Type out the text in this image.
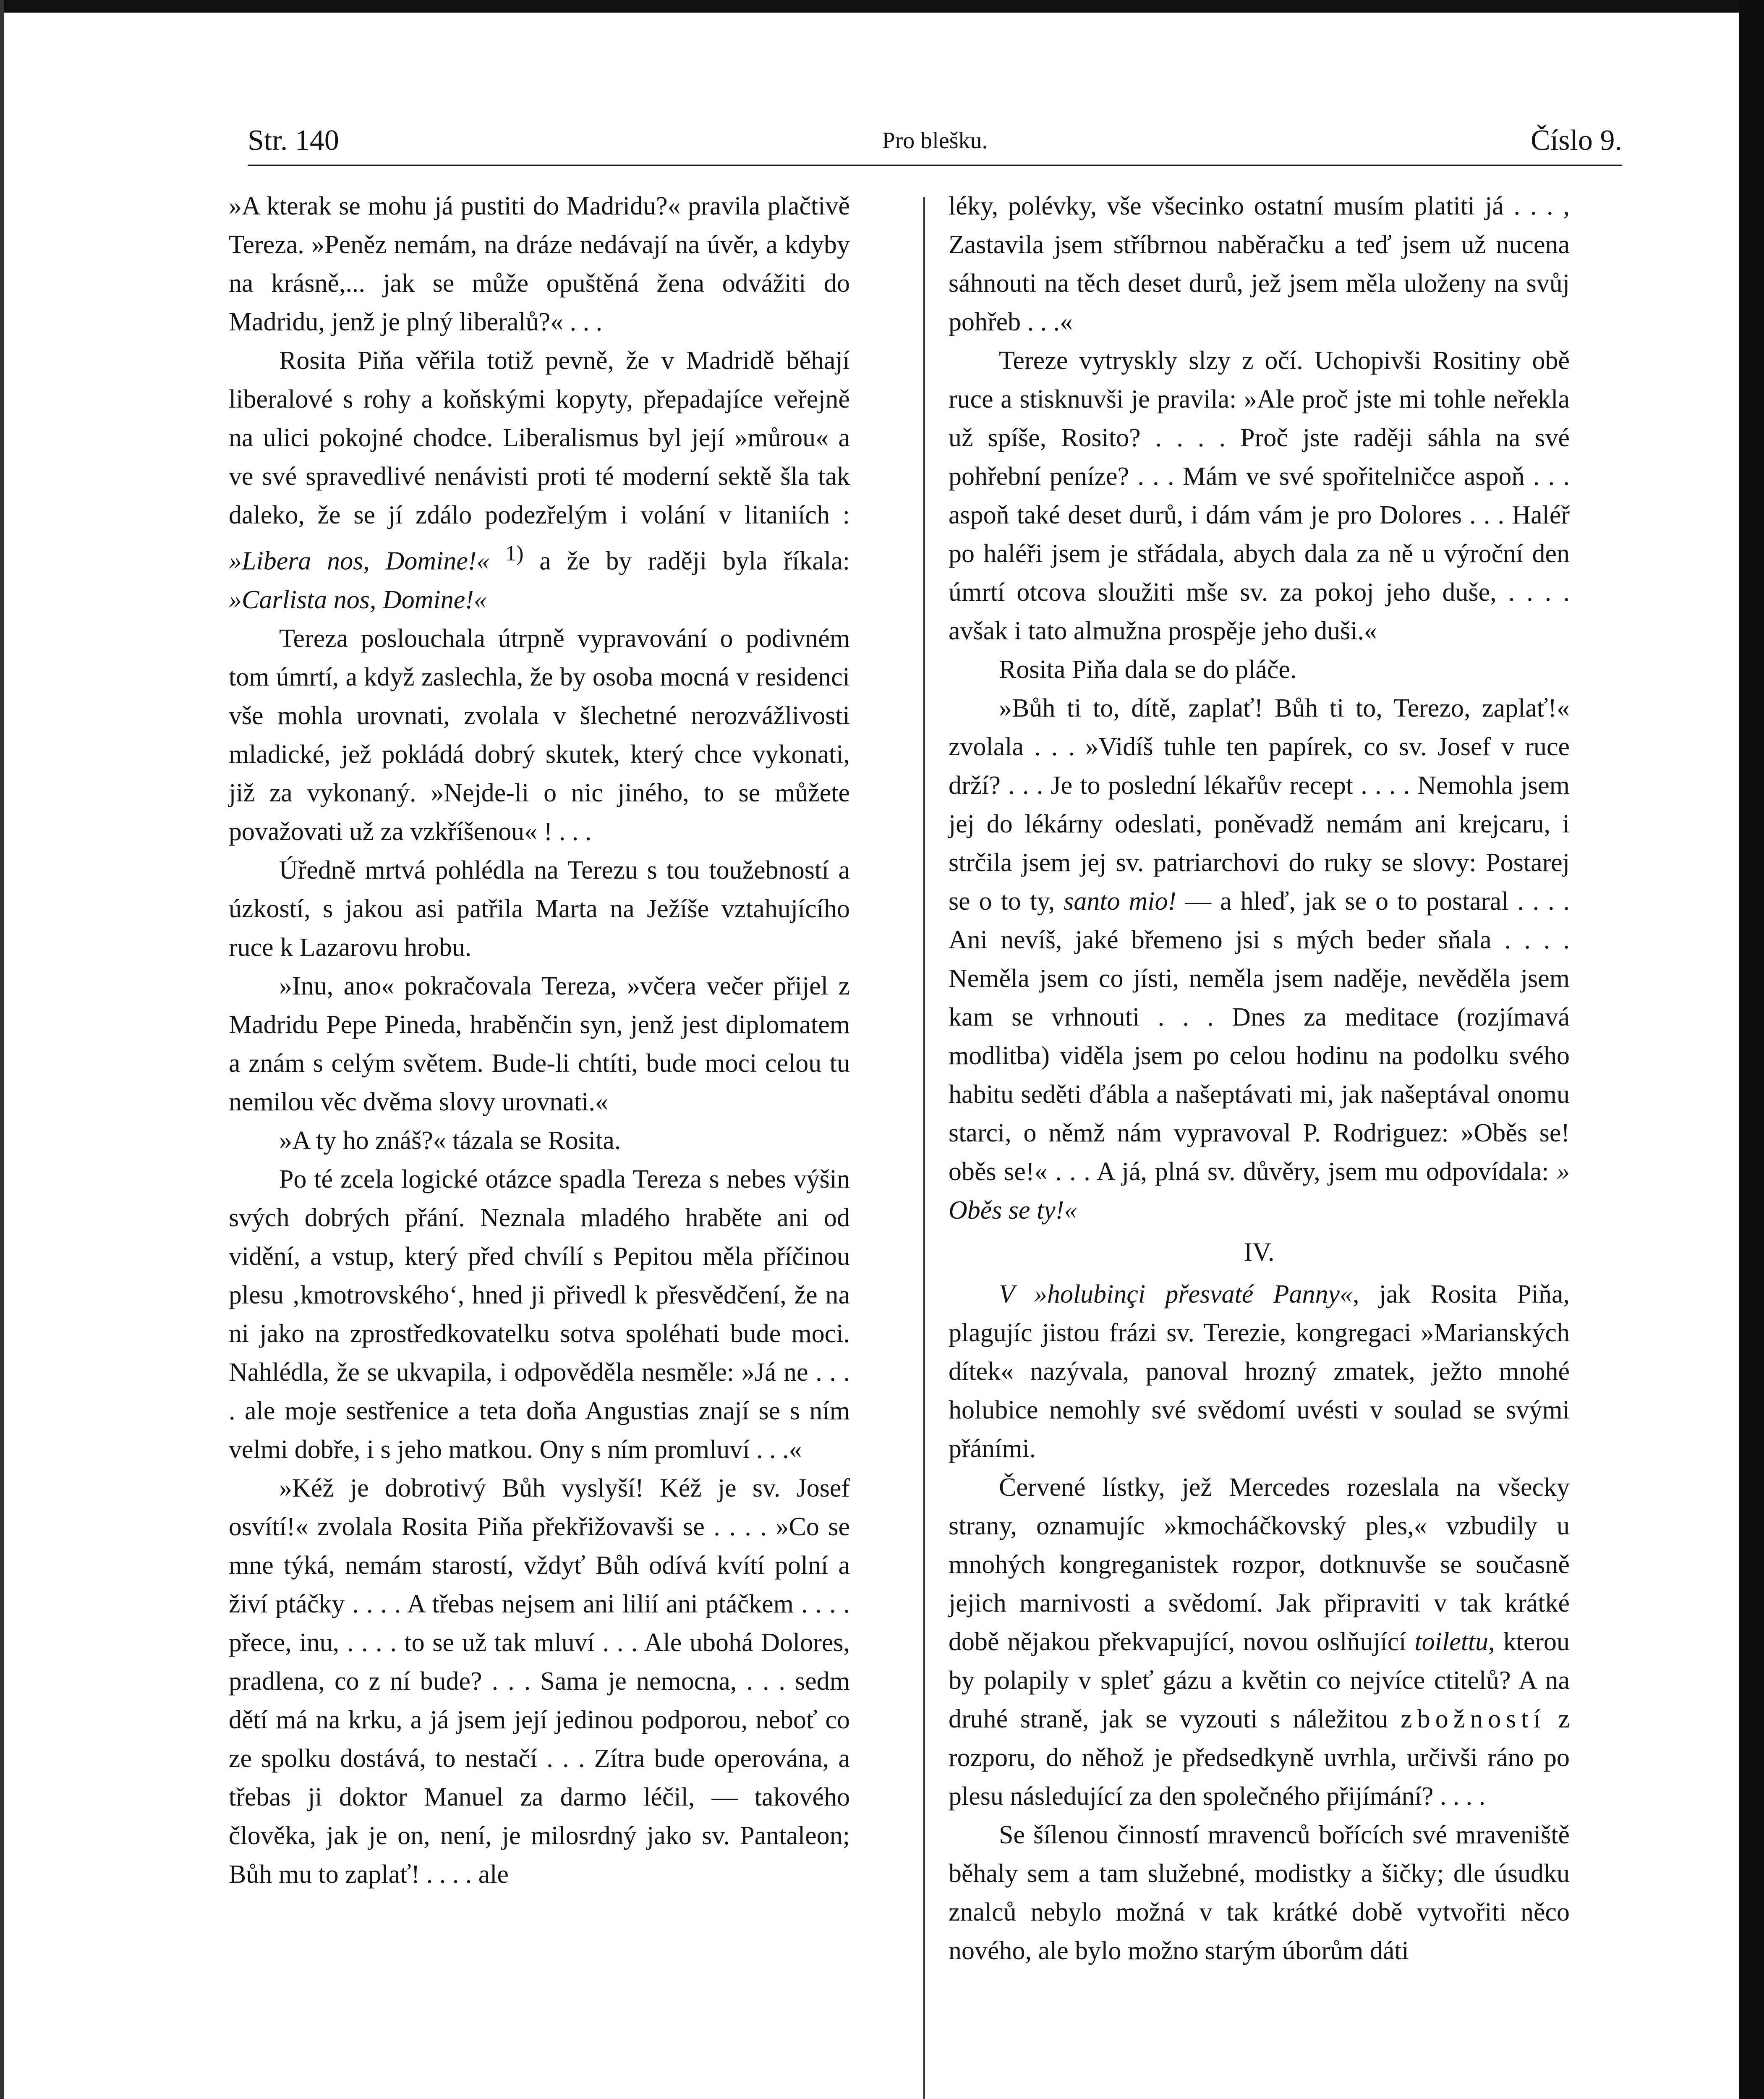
Str. 140	Pro blešku.	Číslo 9.

»A kterak se mohu já pustiti do Madridu?« pravila plačtivě Tereza. »Peněz nemám, na dráze nedávají na úvěr, a kdyby na krásně,... jak se může opuštěná žena odvážiti do Madridu, jenž je plný liberalů?« . . .

Rosita Piňa věřila totiž pevně, že v Madridě běhají liberalové s rohy a koňskými kopyty, přepadajíce veřejně na ulici pokojné chodce. Liberalismus byl její »můrou« a ve své spravedlivé nenávisti proti té moderní sektě šla tak daleko, že se jí zdálo podezřelým i volání v litaniích : »Libera nos, Domine!« $^{1)}$ a že by raději byla říkala: »Carlista nos, Domine!«

Tereza poslouchala útrpně vypravování o podivném tom úmrtí, a když zaslechla, že by osoba mocná v residenci vše mohla urovnati, zvolala v šlechetné nerozvážlivosti mladické, jež pokládá dobrý skutek, který chce vykonati, již za vykonaný. »Nejde-li o nic jiného, to se můžete považovati už za vzkříšenou« ! . . .

Úředně mrtvá pohlédla na Terezu s tou toužebností a úzkostí, s jakou asi patřila Marta na Ježíše vztahujícího ruce k Lazarovu hrobu.

»Inu, ano« pokračovala Tereza, »včera večer přijel z Madridu Pepe Pineda, hraběnčin syn, jenž jest diplomatem a znám s celým světem. Bude-li chtíti, bude moci celou tu nemilou věc dvěma slovy urovnati.«

»A ty ho znáš?« tázala se Rosita.

Po té zcela logické otázce spadla Tereza s nebes výšin svých dobrých přání. Neznala mladého hraběte ani od vidění, a vstup, který před chvílí s Pepitou měla příčinou plesu ‚kmotrovského‘, hned ji přivedl k přesvědčení, že na ni jako na zprostředkovatelku sotva spoléhati bude moci. Nahlédla, že se ukvapila, i odpověděla nesměle: »Já ne . . . . ale moje sestřenice a teta doňa Angustias znají se s ním velmi dobře, i s jeho matkou. Ony s ním promluví . . .«

»Kéž je dobrotivý Bůh vyslyší! Kéž je sv. Josef osvítí!« zvolala Rosita Piňa překřižovavši se . . . . »Co se mne týká, nemám starostí, vždyť Bůh odívá kvítí polní a živí ptáčky . . . . A třebas nejsem ani lilií ani ptáčkem . . . . přece, inu, . . . . to se už tak mluví . . . Ale ubohá Dolores, pradlena, co z ní bude? . . . Sama je nemocna, . . . sedm dětí má na krku, a já jsem její jedinou podporou, neboť co ze spolku dostává, to nestačí . . . Zítra bude operována, a třebas ji doktor Manuel za darmo léčil, — takového člověka, jak je on, není, je milosrdný jako sv. Pantaleon; Bůh mu to zaplať! . . . . ale

léky, polévky, vše všecinko ostatní musím platiti já . . . , Zastavila jsem stříbrnou naběračku a teď jsem už nucena sáhnouti na těch deset durů, jež jsem měla uloženy na svůj pohřeb . . .«

Tereze vytryskly slzy z očí. Uchopivši Rositiny obě ruce a stisknuvši je pravila: »Ale proč jste mi tohle neřekla už spíše, Rosito? . . . . Proč jste raději sáhla na své pohřební peníze? . . . Mám ve své spořitelničce aspoň . . . aspoň také deset durů, i dám vám je pro Dolores . . . Haléř po haléři jsem je střádala, abych dala za ně u výroční den úmrtí otcova sloužiti mše sv. za pokoj jeho duše, . . . . avšak i tato almužna prospěje jeho duši.«

Rosita Piňa dala se do pláče.

»Bůh ti to, dítě, zaplať! Bůh ti to, Terezo, zaplať!« zvolala . . . »Vidíš tuhle ten papírek, co sv. Josef v ruce drží? . . . Je to poslední lékařův recept . . . . Nemohla jsem jej do lékárny odeslati, poněvadž nemám ani krejcaru, i strčila jsem jej sv. patriarchovi do ruky se slovy: Postarej se o to ty, santo mio! — a hleď, jak se o to postaral . . . . Ani nevíš, jaké břemeno jsi s mých beder sňala . . . . Neměla jsem co jísti, neměla jsem naděje, nevěděla jsem kam se vrhnouti . . . Dnes za meditace (rozjímavá modlitba) viděla jsem po celou hodinu na podolku svého habitu seděti ďábla a našeptávati mi, jak našeptával onomu starci, o němž nám vypravoval P. Rodriguez: »Oběs se! oběs se!« . . . A já, plná sv. důvěry, jsem mu odpovídala: » Oběs se ty!«

IV.

V »holubinçi přesvaté Panny«, jak Rosita Piňa, plagujíc jistou frázi sv. Terezie, kongregaci »Marianských dítek« nazývala, panoval hrozný zmatek, ježto mnohé holubice nemohly své svědomí uvésti v soulad se svými přáními.

Červené lístky, jež Mercedes rozeslala na všecky strany, oznamujíc »kmocháčkovský ples,« vzbudily u mnohých kongreganistek rozpor, dotknuvše se současně jejich marnivosti a svědomí. Jak připraviti v tak krátké době nějakou překvapující, novou oslňující toilettu, kterou by polapily v spleť gázu a květin co nejvíce ctitelů? A na druhé straně, jak se vyzouti s náležitou zbožností z rozporu, do něhož je předsedkyně uvrhla, určivši ráno po plesu následující za den společného přijímání? . . . .

Se šílenou činností mravenců bořících své mraveniště běhaly sem a tam služebné, modistky a šičky; dle úsudku znalců nebylo možná v tak krátké době vytvořiti něco nového, ale bylo možno starým úborům dáti
